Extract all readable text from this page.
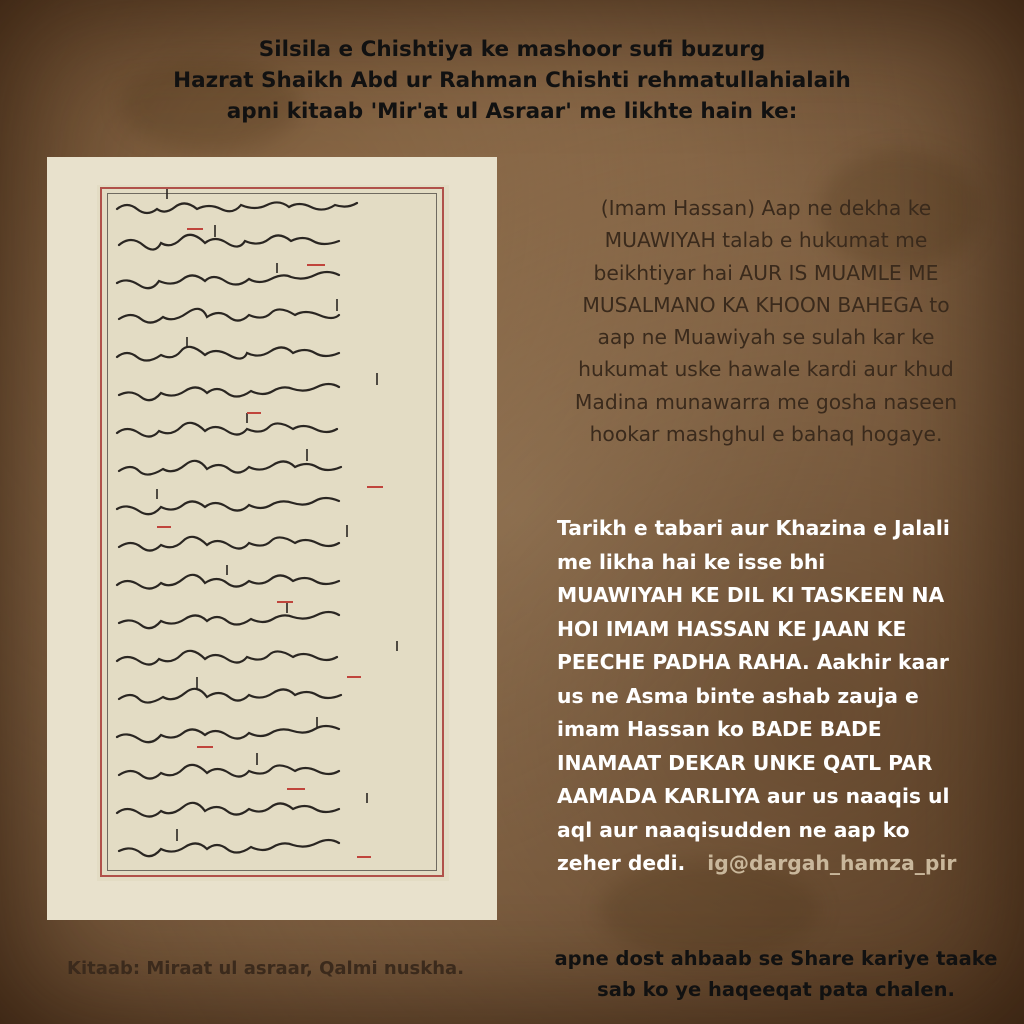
Silsila e Chishtiya ke mashoor sufi buzurg
Hazrat Shaikh Abd ur Rahman Chishti rehmatullahialaih
apni kitaab 'Mir'at ul Asraar' me likhte hain ke:
Kitaab: Miraat ul asraar, Qalmi nuskha.
(Imam Hassan) Aap ne dekha ke
MUAWIYAH talab e hukumat me
beikhtiyar hai AUR IS MUAMLE ME
MUSALMANO KA KHOON BAHEGA to
aap ne Muawiyah se sulah kar ke
hukumat uske hawale kardi aur khud
Madina munawarra me gosha naseen
hookar mashghul e bahaq hogaye.
Tarikh e tabari aur Khazina e Jalali
me likha hai ke isse bhi
MUAWIYAH KE DIL KI TASKEEN NA
HOI IMAM HASSAN KE JAAN KE
PEECHE PADHA RAHA. Aakhir kaar
us ne Asma binte ashab zauja e
imam Hassan ko BADE BADE
INAMAAT DEKAR UNKE QATL PAR
AAMADA KARLIYA aur us naaqis ul
aql aur naaqisudden ne aap ko
zeher dedi. ig@dargah_hamza_pir
apne dost ahbaab se Share kariye taake
sab ko ye haqeeqat pata chalen.
